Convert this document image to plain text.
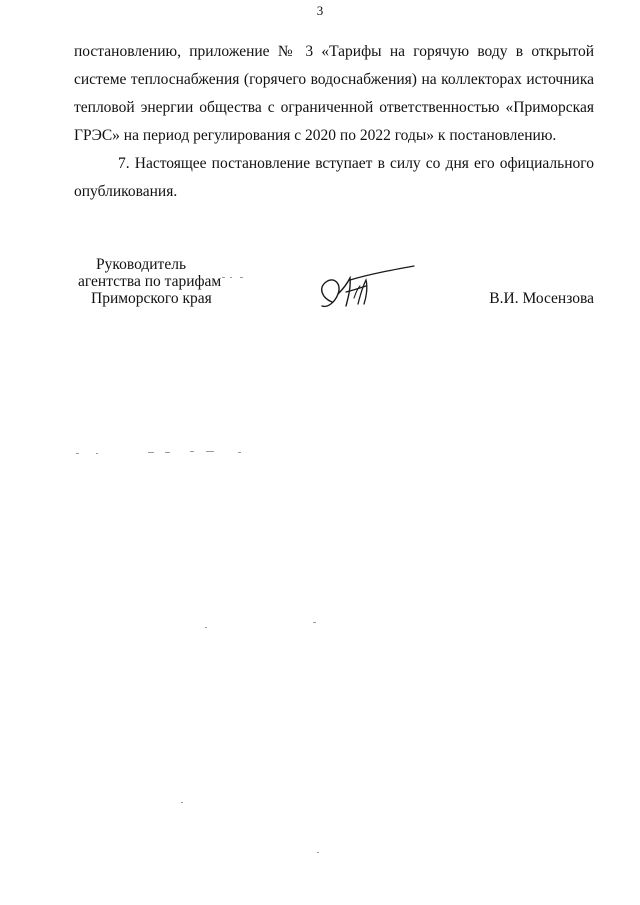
3

постановлению, приложение № 3 «Тарифы на горячую воду в открытой
системе теплоснабжения (горячего водоснабжения) на коллекторах источника
тепловой энергии общества с ограниченной ответственностью «Приморская
ГРЭС» на период регулирования с 2020 по 2022 годы» к постановлению.

7. Настоящее постановление вступает в силу со дня его официального
опубликования.

Руководитель
агентства по тарифам
Приморского края	В.И. Мосензова
